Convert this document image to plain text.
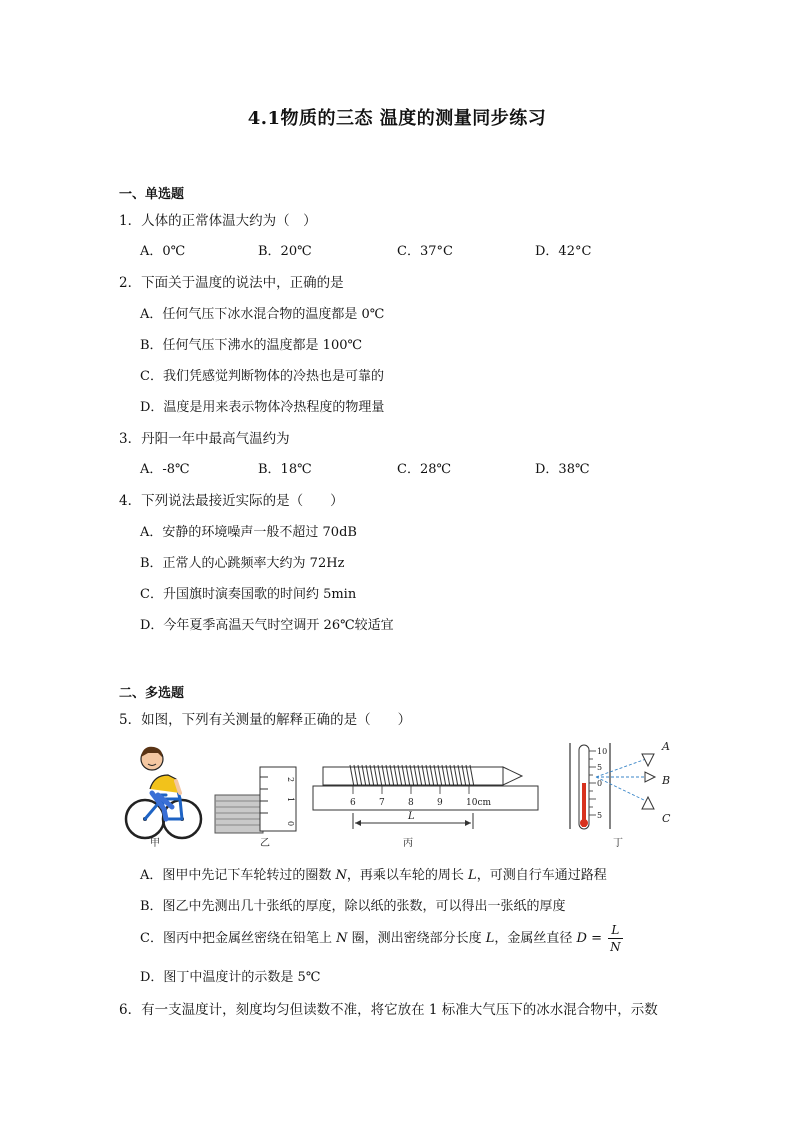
4.1物质的三态 温度的测量同步练习
一、单选题
1．人体的正常体温大约为（　）
A．0℃	B．20℃	C．37°C	D．42°C
2．下面关于温度的说法中，正确的是
A．任何气压下冰水混合物的温度都是 0℃
B．任何气压下沸水的温度都是 100℃
C．我们凭感觉判断物体的冷热也是可靠的
D．温度是用来表示物体冷热程度的物理量
3．丹阳一年中最高气温约为
A．-8℃	B．18℃	C．28℃	D．38℃
4．下列说法最接近实际的是（　　）
A．安静的环境噪声一般不超过 70dB
B．正常人的心跳频率大约为 72Hz
C．升国旗时演奏国歌的时间约 5min
D．今年夏季高温天气时空调开 26℃较适宜
二、多选题
5．如图，下列有关测量的解释正确的是（　　）
甲
2
1
0
乙
6	7	8	9	10cm
L
丙
10
5
0
5
A
B
C
丁
A．图甲中先记下车轮转过的圈数 N，再乘以车轮的周长 L，可测自行车通过路程
B．图乙中先测出几十张纸的厚度，除以纸的张数，可以得出一张纸的厚度
C．图丙中把金属丝密绕在铅笔上 N 圈，测出密绕部分长度 L，金属丝直径 $D = \frac{L}{N}$
D．图丁中温度计的示数是 5℃
6．有一支温度计，刻度均匀但读数不准，将它放在 1 标准大气压下的冰水混合物中，示数
